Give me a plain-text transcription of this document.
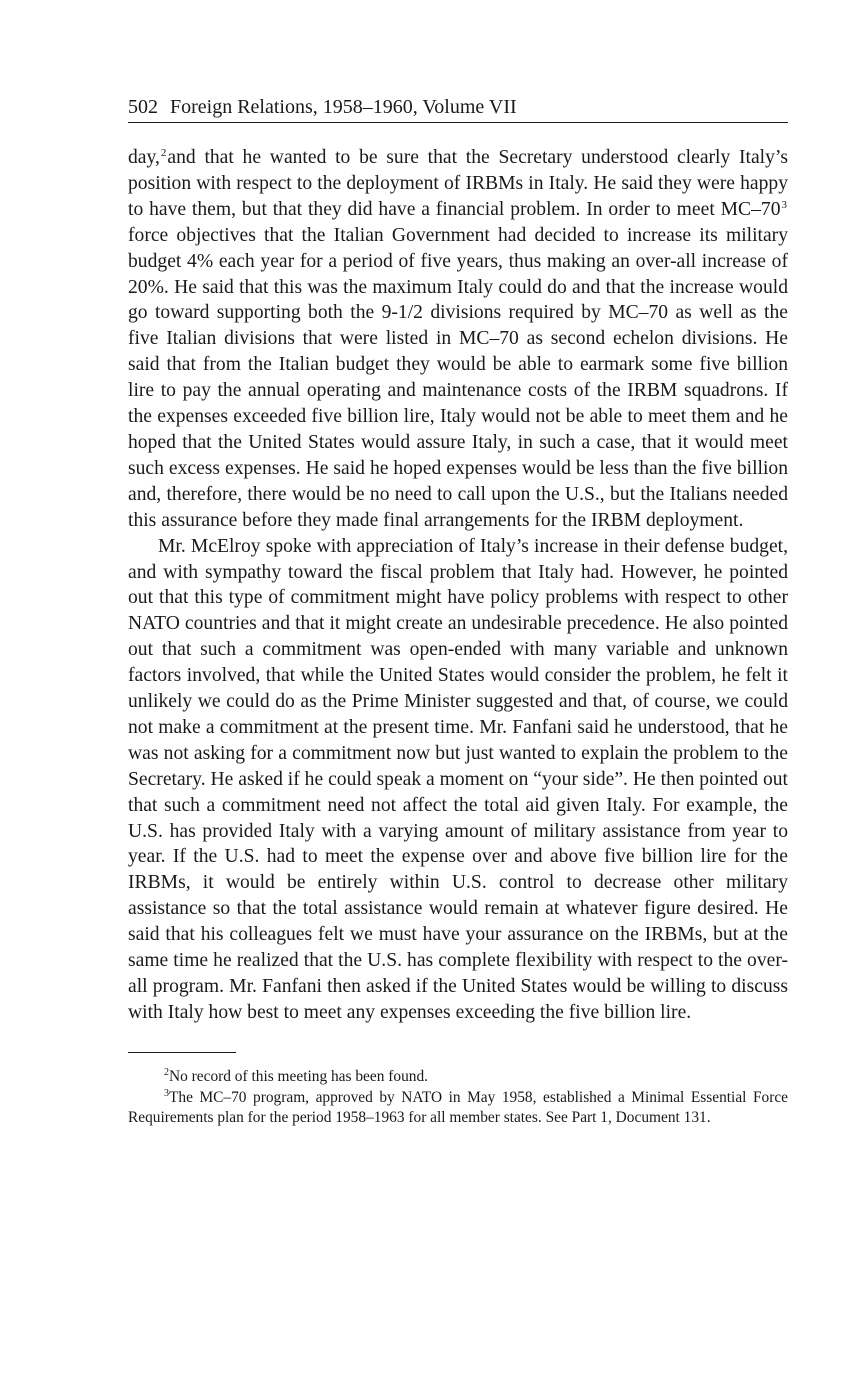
502 Foreign Relations, 1958–1960, Volume VII

day,$^2$and that he wanted to be sure that the Secretary understood clearly Italy’s position with respect to the deployment of IRBMs in Italy. He said they were happy to have them, but that they did have a financial problem. In order to meet MC–70$^3$ force objectives that the Italian Government had decided to increase its military budget 4% each year for a period of five years, thus making an over-all increase of 20%. He said that this was the maximum Italy could do and that the increase would go toward supporting both the 9-1/2 divisions required by MC–70 as well as the five Italian divisions that were listed in MC–70 as second echelon divisions. He said that from the Italian budget they would be able to earmark some five billion lire to pay the annual operating and maintenance costs of the IRBM squadrons. If the expenses exceeded five billion lire, Italy would not be able to meet them and he hoped that the United States would assure Italy, in such a case, that it would meet such excess expenses. He said he hoped expenses would be less than the five billion and, therefore, there would be no need to call upon the U.S., but the Italians needed this assurance before they made final arrangements for the IRBM deployment.

Mr. McElroy spoke with appreciation of Italy’s increase in their defense budget, and with sympathy toward the fiscal problem that Italy had. However, he pointed out that this type of commitment might have policy problems with respect to other NATO countries and that it might create an undesirable precedence. He also pointed out that such a commitment was open-ended with many variable and unknown factors involved, that while the United States would consider the problem, he felt it unlikely we could do as the Prime Minister suggested and that, of course, we could not make a commitment at the present time. Mr. Fanfani said he understood, that he was not asking for a commitment now but just wanted to explain the problem to the Secretary. He asked if he could speak a moment on “your side”. He then pointed out that such a commitment need not affect the total aid given Italy. For example, the U.S. has provided Italy with a varying amount of military assistance from year to year. If the U.S. had to meet the expense over and above five billion lire for the IRBMs, it would be entirely within U.S. control to decrease other military assistance so that the total assistance would remain at whatever figure desired. He said that his colleagues felt we must have your assurance on the IRBMs, but at the same time he realized that the U.S. has complete flexibility with respect to the over-all program. Mr. Fanfani then asked if the United States would be willing to discuss with Italy how best to meet any expenses exceeding the five billion lire.

$^2$No record of this meeting has been found.

$^3$The MC–70 program, approved by NATO in May 1958, established a Minimal Essential Force Requirements plan for the period 1958–1963 for all member states. See Part 1, Document 131.
